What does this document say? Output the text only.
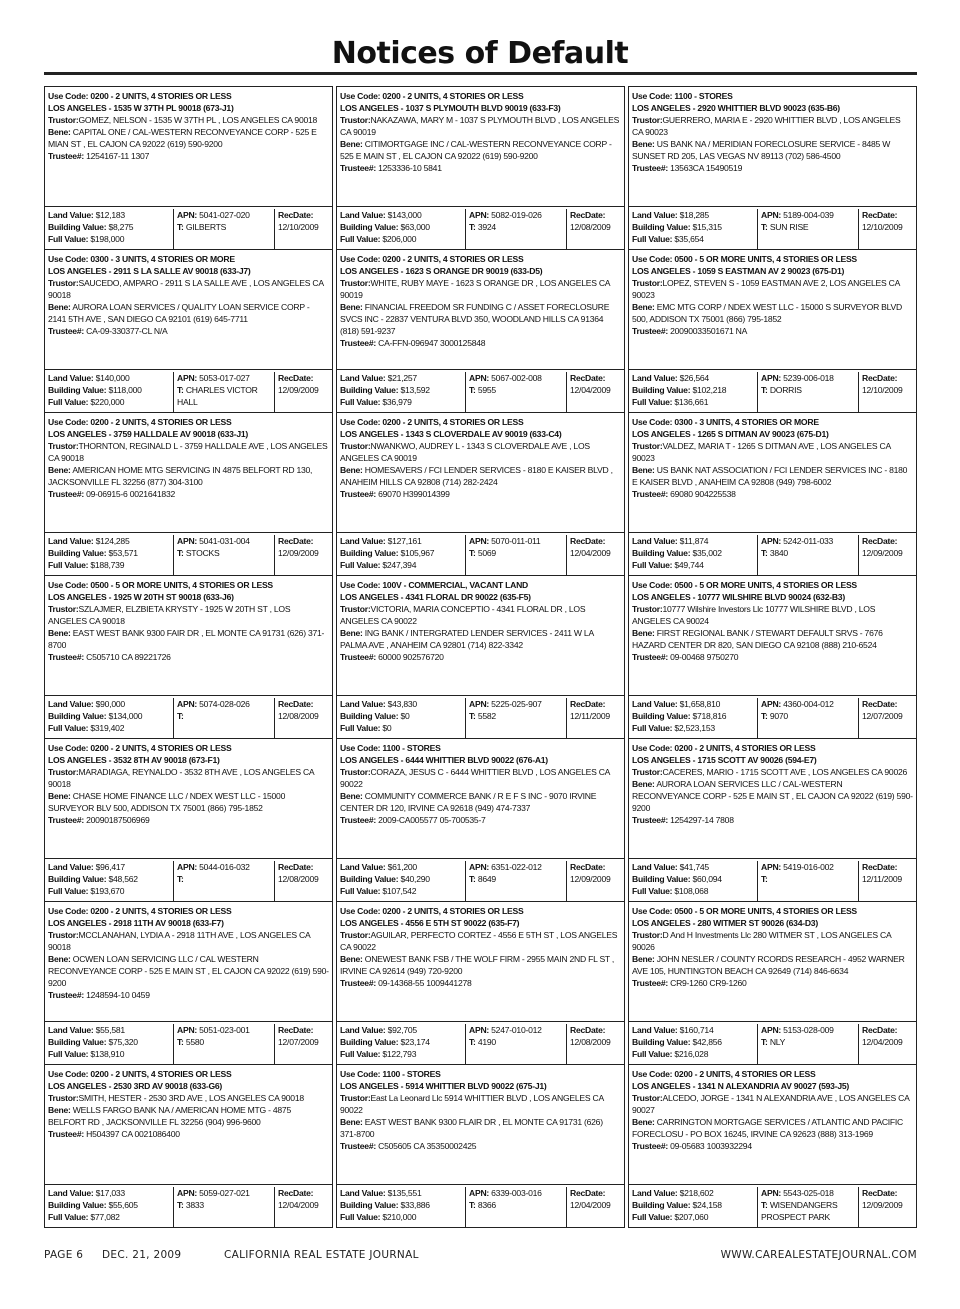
Notices of Default
Use Code: 0200 - 2 UNITS, 4 STORIES OR LESS
LOS ANGELES - 1535 W 37TH PL 90018 (673-J1)
Trustor:GOMEZ, NELSON - 1535 W 37TH PL , LOS ANGELES CA 90018
Bene: CAPITAL ONE / CAL-WESTERN RECONVEYANCE CORP - 525 E MIAN ST , EL CAJON CA 92022 (619) 590-9200
Trustee#: 1254167-11 1307
Land Value: $12,183
Building Value: $8,275
Full Value: $198,000
APN: 5041-027-020
T: GILBERTS
RecDate:
12/10/2009
Use Code: 0300 - 3 UNITS, 4 STORIES OR MORE
LOS ANGELES - 2911 S LA SALLE AV 90018 (633-J7)
Trustor:SAUCEDO, AMPARO - 2911 S LA SALLE AVE , LOS ANGELES CA 90018
Bene: AURORA LOAN SERVICES / QUALITY LOAN SERVICE CORP - 2141 5TH AVE , SAN DIEGO CA 92101 (619) 645-7711
Trustee#: CA-09-330377-CL N/A
Land Value: $140,000
Building Value: $118,000
Full Value: $220,000
APN: 5053-017-027
T: CHARLES VICTOR HALL
RecDate:
12/09/2009
Use Code: 0200 - 2 UNITS, 4 STORIES OR LESS
LOS ANGELES - 3759 HALLDALE AV 90018 (633-J1)
Trustor:THORNTON, REGINALD L - 3759 HALLDALE AVE , LOS ANGELES CA 90018
Bene: AMERICAN HOME MTG SERVICING IN 4875 BELFORT RD 130, JACKSONVILLE FL 32256 (877) 304-3100
Trustee#: 09-06915-6 0021641832
Land Value: $124,285
Building Value: $53,571
Full Value: $188,739
APN: 5041-031-004
T: STOCKS
RecDate:
12/09/2009
Use Code: 0500 - 5 OR MORE UNITS, 4 STORIES OR LESS
LOS ANGELES - 1925 W 20TH ST 90018 (633-J6)
Trustor:SZLAJMER, ELZBIETA KRYSTY - 1925 W 20TH ST , LOS ANGELES CA 90018
Bene: EAST WEST BANK 9300 FAIR DR , EL MONTE CA 91731 (626) 371-8700
Trustee#: C505710 CA 89221726
Land Value: $90,000
Building Value: $134,000
Full Value: $319,402
APN: 5074-028-026
T:
RecDate:
12/08/2009
Use Code: 0200 - 2 UNITS, 4 STORIES OR LESS
LOS ANGELES - 3532 8TH AV 90018 (673-F1)
Trustor:MARADIAGA, REYNALDO - 3532 8TH AVE , LOS ANGELES CA 90018
Bene: CHASE HOME FINANCE LLC / NDEX WEST LLC - 15000 SURVEYOR BLV 500, ADDISON TX 75001 (866) 795-1852
Trustee#: 20090187506969
Land Value: $96,417
Building Value: $48,562
Full Value: $193,670
APN: 5044-016-032
T:
RecDate:
12/08/2009
Use Code: 0200 - 2 UNITS, 4 STORIES OR LESS
LOS ANGELES - 2918 11TH AV 90018 (633-F7)
Trustor:MCCLANAHAN, LYDIA A - 2918 11TH AVE , LOS ANGELES CA 90018
Bene: OCWEN LOAN SERVICING LLC / CAL WESTERN RECONVEYANCE CORP - 525 E MAIN ST , EL CAJON CA 92022 (619) 590-9200
Trustee#: 1248594-10 0459
Land Value: $55,581
Building Value: $75,320
Full Value: $138,910
APN: 5051-023-001
T: 5580
RecDate:
12/07/2009
Use Code: 0200 - 2 UNITS, 4 STORIES OR LESS
LOS ANGELES - 2530 3RD AV 90018 (633-G6)
Trustor:SMITH, HESTER - 2530 3RD AVE , LOS ANGELES CA 90018
Bene: WELLS FARGO BANK NA / AMERICAN HOME MTG - 4875 BELFORT RD , JACKSONVILLE FL 32256 (904) 996-9600
Trustee#: H504397 CA 0021086400
Land Value: $17,033
Building Value: $55,605
Full Value: $77,082
APN: 5059-027-021
T: 3833
RecDate:
12/04/2009
Use Code: 0200 - 2 UNITS, 4 STORIES OR LESS
LOS ANGELES - 1037 S PLYMOUTH BLVD 90019 (633-F3)
Trustor:NAKAZAWA, MARY M - 1037 S PLYMOUTH BLVD , LOS ANGELES CA 90019
Bene: CITIMORTGAGE INC / CAL-WESTERN RECONVEYANCE CORP - 525 E MAIN ST , EL CAJON CA 92022 (619) 590-9200
Trustee#: 1253336-10 5841
Land Value: $143,000
Building Value: $63,000
Full Value: $206,000
APN: 5082-019-026
T: 3924
RecDate:
12/08/2009
Use Code: 0200 - 2 UNITS, 4 STORIES OR LESS
LOS ANGELES - 1623 S ORANGE DR 90019 (633-D5)
Trustor:WHITE, RUBY MAYE - 1623 S ORANGE DR , LOS ANGELES CA 90019
Bene: FINANCIAL FREEDOM SR FUNDING C / ASSET FORECLOSURE SVCS INC - 22837 VENTURA BLVD 350, WOODLAND HILLS CA 91364 (818) 591-9237
Trustee#: CA-FFN-096947 3000125848
Land Value: $21,257
Building Value: $13,592
Full Value: $36,979
APN: 5067-002-008
T: 5955
RecDate:
12/04/2009
Use Code: 0200 - 2 UNITS, 4 STORIES OR LESS
LOS ANGELES - 1343 S CLOVERDALE AV 90019 (633-C4)
Trustor:NWANKWO, AUDREY L - 1343 S CLOVERDALE AVE , LOS ANGELES CA 90019
Bene: HOMESAVERS / FCI LENDER SERVICES - 8180 E KAISER BLVD , ANAHEIM HILLS CA 92808 (714) 282-2424
Trustee#: 69070 H399014399
Land Value: $127,161
Building Value: $105,967
Full Value: $247,394
APN: 5070-011-011
T: 5069
RecDate:
12/04/2009
Use Code: 100V - COMMERCIAL, VACANT LAND
LOS ANGELES - 4341 FLORAL DR 90022 (635-F5)
Trustor:VICTORIA, MARIA CONCEPTIO - 4341 FLORAL DR , LOS ANGELES CA 90022
Bene: ING BANK / INTERGRATED LENDER SERVICES - 2411 W LA PALMA AVE , ANAHEIM CA 92801 (714) 822-3342
Trustee#: 60000 902576720
Land Value: $43,830
Building Value: $0
Full Value: $0
APN: 5225-025-907
T: 5582
RecDate:
12/11/2009
Use Code: 1100 - STORES
LOS ANGELES - 6444 WHITTIER BLVD 90022 (676-A1)
Trustor:CORAZA, JESUS C - 6444 WHITTIER BLVD , LOS ANGELES CA 90022
Bene: COMMUNITY COMMERCE BANK / R E F S INC - 9070 IRVINE CENTER DR 120, IRVINE CA 92618 (949) 474-7337
Trustee#: 2009-CA005577 05-700535-7
Land Value: $61,200
Building Value: $40,290
Full Value: $107,542
APN: 6351-022-012
T: 8649
RecDate:
12/09/2009
Use Code: 0200 - 2 UNITS, 4 STORIES OR LESS
LOS ANGELES - 4556 E 5TH ST 90022 (635-F7)
Trustor:AGUILAR, PERFECTO CORTEZ - 4556 E 5TH ST , LOS ANGELES CA 90022
Bene: ONEWEST BANK FSB / THE WOLF FIRM - 2955 MAIN 2ND FL ST , IRVINE CA 92614 (949) 720-9200
Trustee#: 09-14368-55 1009441278
Land Value: $92,705
Building Value: $23,174
Full Value: $122,793
APN: 5247-010-012
T: 4190
RecDate:
12/08/2009
Use Code: 1100 - STORES
LOS ANGELES - 5914 WHITTIER BLVD 90022 (675-J1)
Trustor:East La Leonard Llc 5914 WHITTIER BLVD , LOS ANGELES CA 90022
Bene: EAST WEST BANK 9300 FLAIR DR , EL MONTE CA 91731 (626) 371-8700
Trustee#: C505605 CA 35350002425
Land Value: $135,551
Building Value: $33,886
Full Value: $210,000
APN: 6339-003-016
T: 8366
RecDate:
12/04/2009
Use Code: 1100 - STORES
LOS ANGELES - 2920 WHITTIER BLVD 90023 (635-B6)
Trustor:GUERRERO, MARIA E - 2920 WHITTIER BLVD , LOS ANGELES CA 90023
Bene: US BANK NA / MERIDIAN FORECLOSURE SERVICE - 8485 W SUNSET RD 205, LAS VEGAS NV 89113 (702) 586-4500
Trustee#: 13563CA 15490519
Land Value: $18,285
Building Value: $15,315
Full Value: $35,654
APN: 5189-004-039
T: SUN RISE
RecDate:
12/10/2009
Use Code: 0500 - 5 OR MORE UNITS, 4 STORIES OR LESS
LOS ANGELES - 1059 S EASTMAN AV 2 90023 (675-D1)
Trustor:LOPEZ, STEVEN S - 1059 EASTMAN AVE 2, LOS ANGELES CA 90023
Bene: EMC MTG CORP / NDEX WEST LLC - 15000 S SURVEYOR BLVD 500, ADDISON TX 75001 (866) 795-1852
Trustee#: 20090033501671 NA
Land Value: $26,564
Building Value: $102,218
Full Value: $136,661
APN: 5239-006-018
T: DORRIS
RecDate:
12/10/2009
Use Code: 0300 - 3 UNITS, 4 STORIES OR MORE
LOS ANGELES - 1265 S DITMAN AV 90023 (675-D1)
Trustor:VALDEZ, MARIA T - 1265 S DITMAN AVE , LOS ANGELES CA 90023
Bene: US BANK NAT ASSOCIATION / FCI LENDER SERVICES INC - 8180 E KAISER BLVD , ANAHEIM CA 92808 (949) 798-6002
Trustee#: 69080 904225538
Land Value: $11,874
Building Value: $35,002
Full Value: $49,744
APN: 5242-011-033
T: 3840
RecDate:
12/09/2009
Use Code: 0500 - 5 OR MORE UNITS, 4 STORIES OR LESS
LOS ANGELES - 10777 WILSHIRE BLVD 90024 (632-B3)
Trustor:10777 Wilshire Investors Llc 10777 WILSHIRE BLVD , LOS ANGELES CA 90024
Bene: FIRST REGIONAL BANK / STEWART DEFAULT SRVS - 7676 HAZARD CENTER DR 820, SAN DIEGO CA 92108 (888) 210-6524
Trustee#: 09-00468 9750270
Land Value: $1,658,810
Building Value: $718,816
Full Value: $2,523,153
APN: 4360-004-012
T: 9070
RecDate:
12/07/2009
Use Code: 0200 - 2 UNITS, 4 STORIES OR LESS
LOS ANGELES - 1715 SCOTT AV 90026 (594-E7)
Trustor:CACERES, MARIO - 1715 SCOTT AVE , LOS ANGELES CA 90026
Bene: AURORA LOAN SERVICES LLC / CAL-WESTERN RECONVEYANCE CORP - 525 E MAIN ST , EL CAJON CA 92022 (619) 590-9200
Trustee#: 1254297-14 7808
Land Value: $41,745
Building Value: $60,094
Full Value: $108,068
APN: 5419-016-002
T:
RecDate:
12/11/2009
Use Code: 0500 - 5 OR MORE UNITS, 4 STORIES OR LESS
LOS ANGELES - 280 WITMER ST 90026 (634-D3)
Trustor:D And H Investments Llc 280 WITMER ST , LOS ANGELES CA 90026
Bene: JOHN NESLER / COUNTY RCORDS RESEARCH - 4952 WARNER AVE 105, HUNTINGTON BEACH CA 92649 (714) 846-6634
Trustee#: CR9-1260 CR9-1260
Land Value: $160,714
Building Value: $42,856
Full Value: $216,028
APN: 5153-028-009
T: NLY
RecDate:
12/04/2009
Use Code: 0200 - 2 UNITS, 4 STORIES OR LESS
LOS ANGELES - 1341 N ALEXANDRIA AV 90027 (593-J5)
Trustor:ALCEDO, JORGE - 1341 N ALEXANDRIA AVE , LOS ANGELES CA 90027
Bene: CARRINGTON MORTGAGE SERVICES / ATLANTIC AND PACIFIC FORECLOSU - PO BOX 16245, IRVINE CA 92623 (888) 313-1969
Trustee#: 09-05683 1003932294
Land Value: $218,602
Building Value: $24,158
Full Value: $207,060
APN: 5543-025-018
T: WISENDANGERS PROSPECT PARK
RecDate:
12/09/2009
PAGE 6 DEC. 21, 2009	CALIFORNIA REAL ESTATE JOURNAL	WWW.CAREALESTATEJOURNAL.COM
